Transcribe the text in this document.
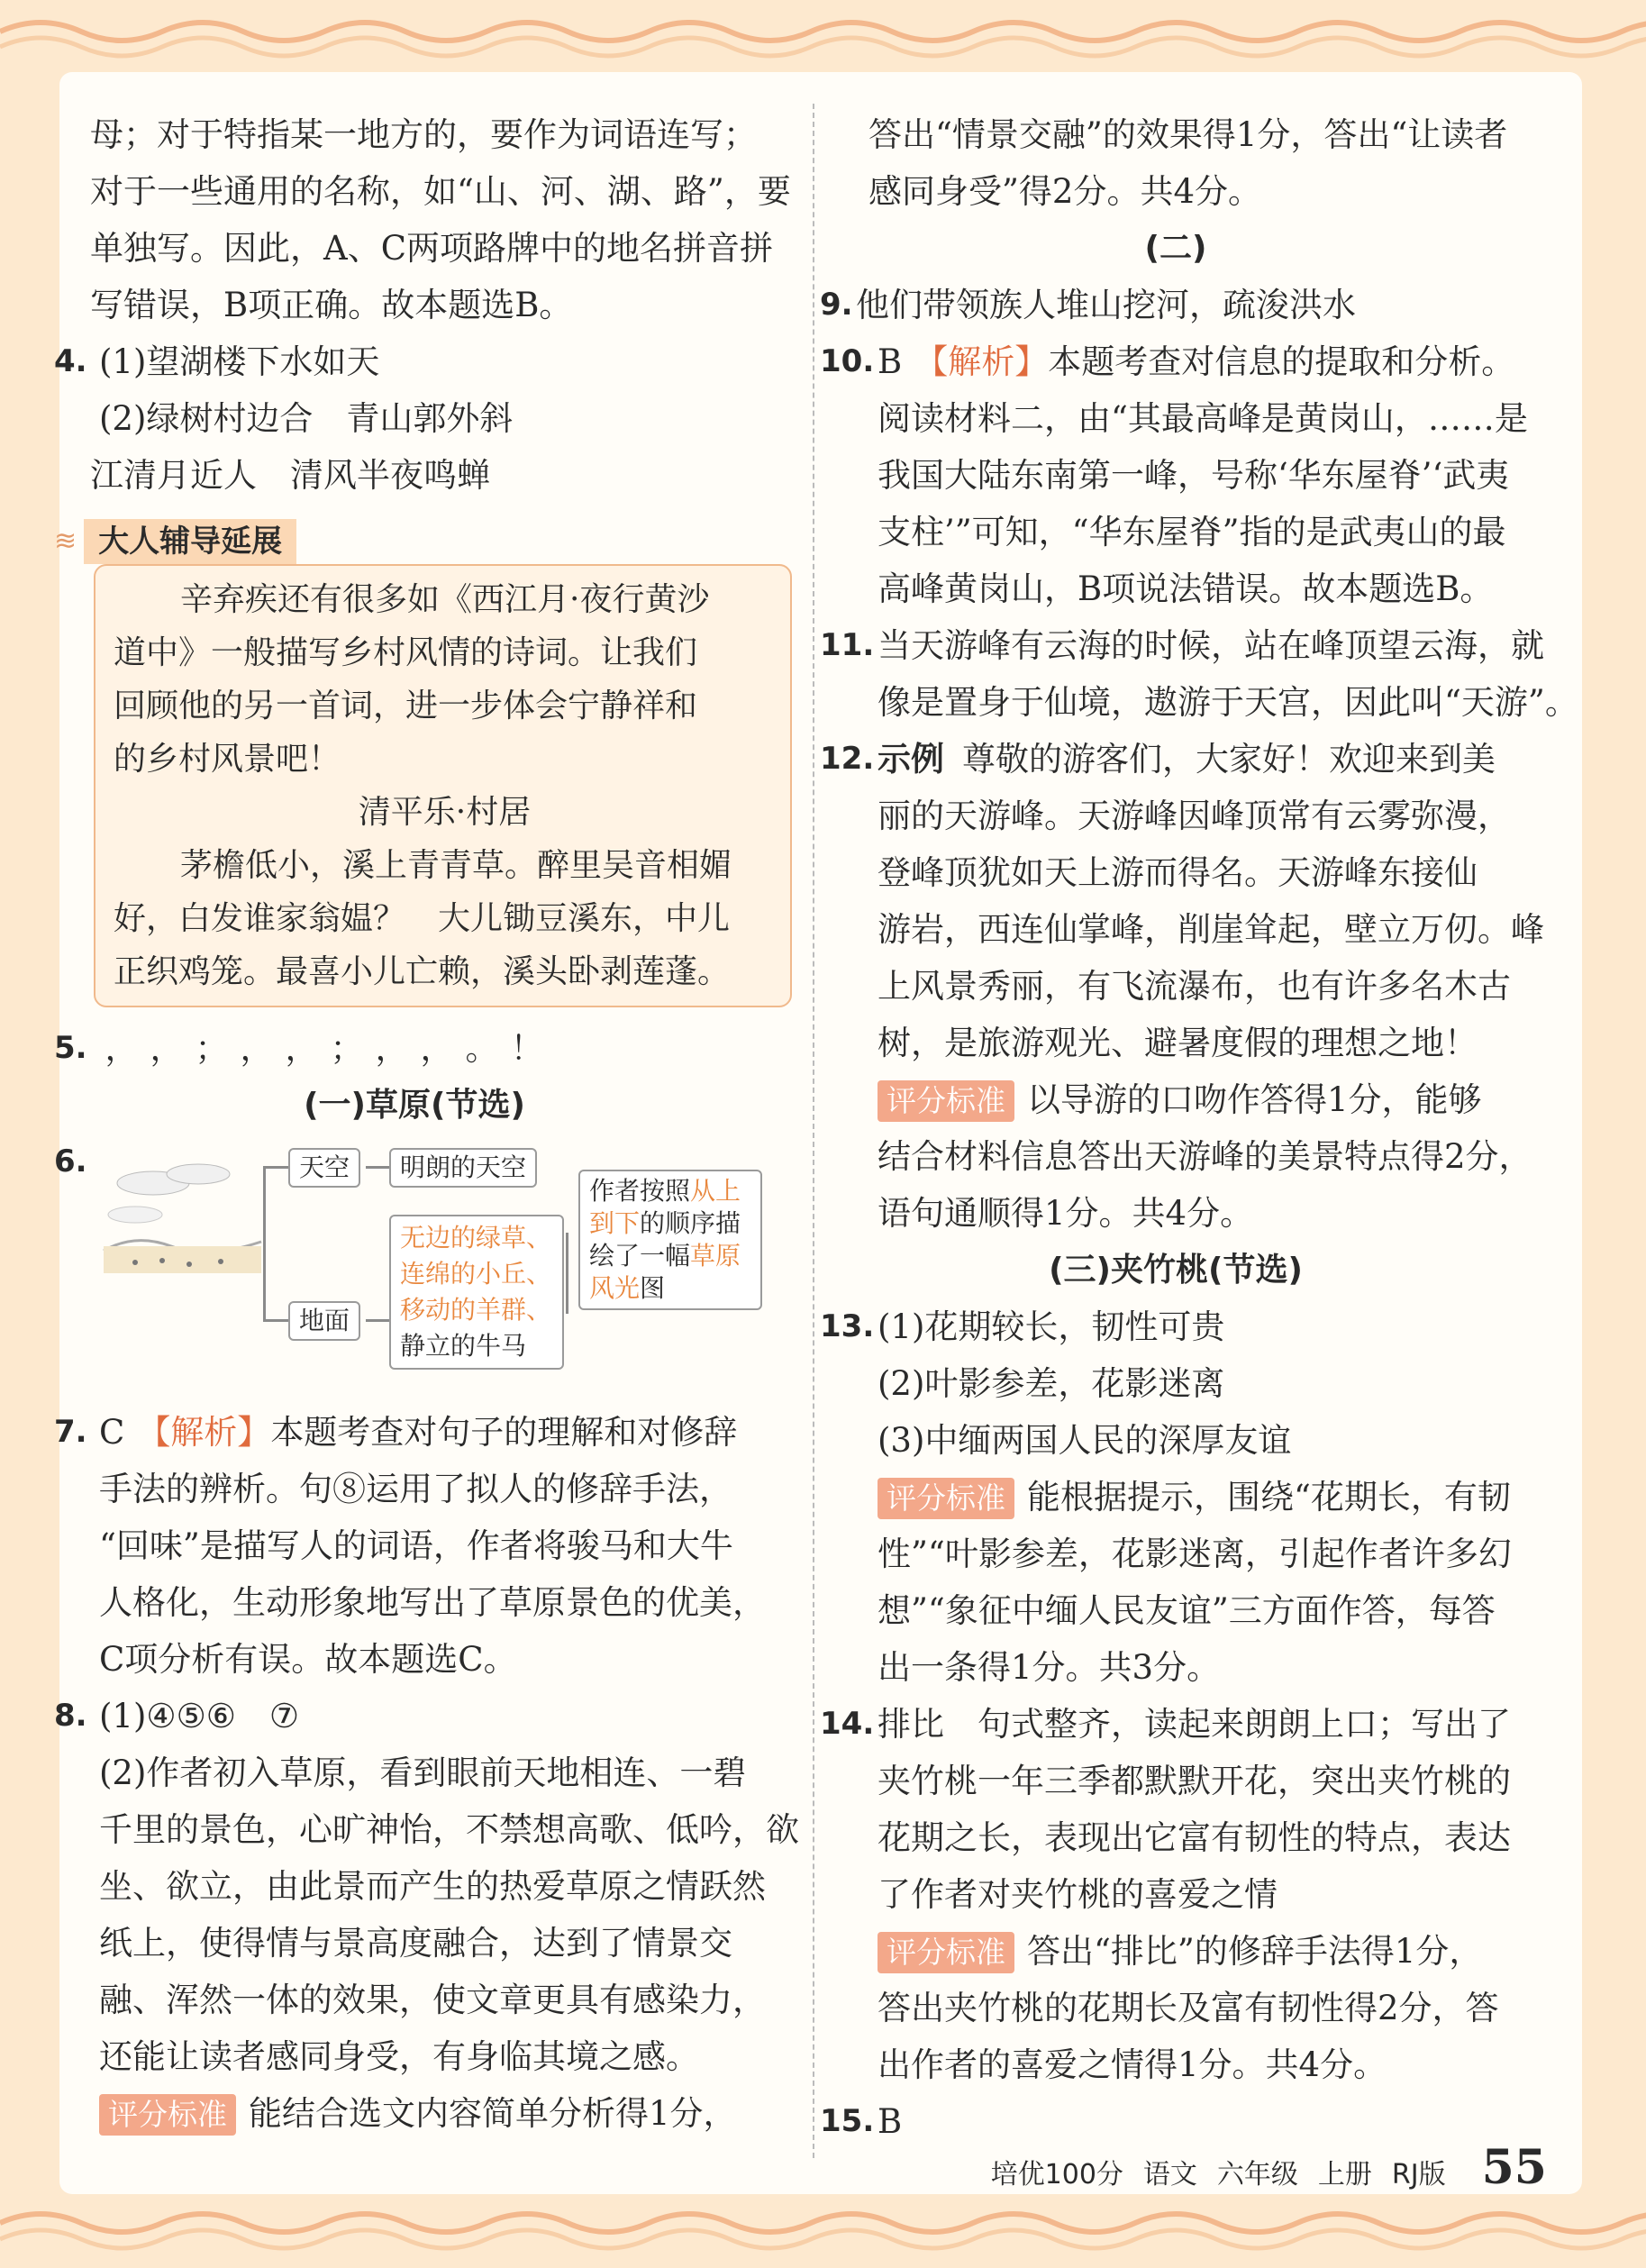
母；对于特指某一地方的，要作为词语连写；
对于一些通用的名称，如“山、河、湖、路”，要
单独写。因此，A、C两项路牌中的地名拼音拼
写错误，B项正确。故本题选B。
4. (1)望湖楼下水如天
(2)绿树村边合　青山郭外斜
江清月近人　清风半夜鸣蝉
≋ 大人辅导延展
辛弃疾还有很多如《西江月·夜行黄沙
道中》一般描写乡村风情的诗词。让我们
回顾他的另一首词，进一步体会宁静祥和
的乡村风景吧！
清平乐·村居
茅檐低小，溪上青青草。醉里吴音相媚
好，白发谁家翁媪？　大儿锄豆溪东，中儿
正织鸡笼。最喜小儿亡赖，溪头卧剥莲蓬。
5. ， ， ； ， ， ； ， ， 。 ！
(一)草原(节选)
6.	天空	明朗的天空
地面
无边的绿草、
连绵的小丘、
移动的羊群、
静立的牛马
作者按照从上到下的顺序描绘了一幅草原风光图
7. C 【解析】本题考查对句子的理解和对修辞
手法的辨析。句⑧运用了拟人的修辞手法，
“回味”是描写人的词语，作者将骏马和大牛
人格化，生动形象地写出了草原景色的优美，
C项分析有误。故本题选C。
8. (1)④⑤⑥　⑦
(2)作者初入草原，看到眼前天地相连、一碧
千里的景色，心旷神怡，不禁想高歌、低吟，欲
坐、欲立，由此景而产生的热爱草原之情跃然
纸上，使得情与景高度融合，达到了情景交
融、浑然一体的效果，使文章更具有感染力，
还能让读者感同身受，有身临其境之感。
评分标准 能结合选文内容简单分析得1分，
答出“情景交融”的效果得1分，答出“让读者
感同身受”得2分。共4分。
(二)
9. 他们带领族人堆山挖河，疏浚洪水
10. B 【解析】本题考查对信息的提取和分析。
阅读材料二，由“其最高峰是黄岗山，……是
我国大陆东南第一峰，号称‘华东屋脊’‘武夷
支柱’”可知，“华东屋脊”指的是武夷山的最
高峰黄岗山，B项说法错误。故本题选B。
11. 当天游峰有云海的时候，站在峰顶望云海，就
像是置身于仙境，遨游于天宫，因此叫“天游”。
12. 示例 尊敬的游客们，大家好！欢迎来到美
丽的天游峰。天游峰因峰顶常有云雾弥漫，
登峰顶犹如天上游而得名。天游峰东接仙
游岩，西连仙掌峰，削崖耸起，壁立万仞。峰
上风景秀丽，有飞流瀑布，也有许多名木古
树，是旅游观光、避暑度假的理想之地！
评分标准 以导游的口吻作答得1分，能够
结合材料信息答出天游峰的美景特点得2分，
语句通顺得1分。共4分。
(三)夹竹桃(节选)
13. (1)花期较长，韧性可贵
(2)叶影参差，花影迷离
(3)中缅两国人民的深厚友谊
评分标准 能根据提示，围绕“花期长，有韧
性”“叶影参差，花影迷离，引起作者许多幻
想”“象征中缅人民友谊”三方面作答，每答
出一条得1分。共3分。
14. 排比　句式整齐，读起来朗朗上口；写出了
夹竹桃一年三季都默默开花，突出夹竹桃的
花期之长，表现出它富有韧性的特点，表达
了作者对夹竹桃的喜爱之情
评分标准 答出“排比”的修辞手法得1分，
答出夹竹桃的花期长及富有韧性得2分，答
出作者的喜爱之情得1分。共4分。
15. B
培优100分 语文 六年级 上册 RJ版 55
